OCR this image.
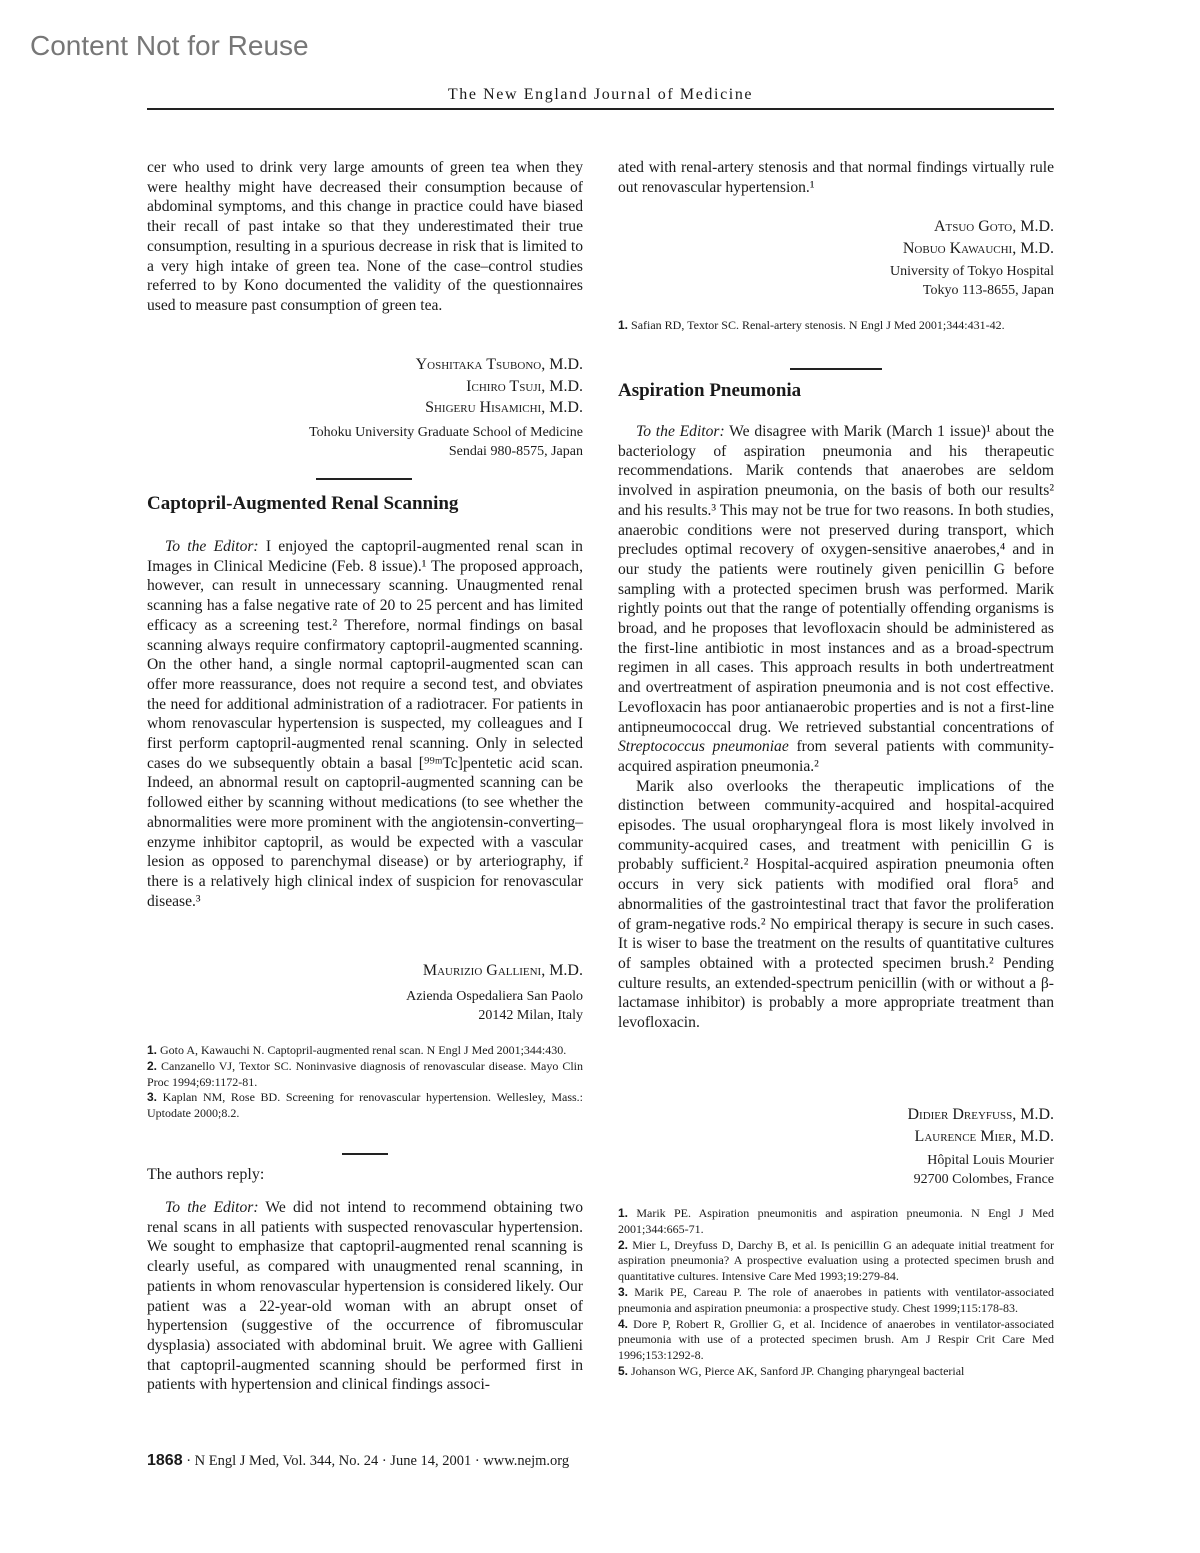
Content Not for Reuse
The New England Journal of Medicine

cer who used to drink very large amounts of green tea when they were healthy might have decreased their consumption because of abdominal symptoms, and this change in practice could have biased their recall of past intake so that they underestimated their true consumption, resulting in a spurious decrease in risk that is limited to a very high intake of green tea. None of the case–control studies referred to by Kono documented the validity of the questionnaires used to measure past consumption of green tea.

Yoshitaka Tsubono, M.D.
Ichiro Tsuji, M.D.
Shigeru Hisamichi, M.D.
Tohoku University Graduate School of Medicine
Sendai 980-8575, Japan
Captopril-Augmented Renal Scanning

To the Editor: I enjoyed the captopril-augmented renal scan in Images in Clinical Medicine (Feb. 8 issue).¹ The proposed approach, however, can result in unnecessary scanning. Unaugmented renal scanning has a false negative rate of 20 to 25 percent and has limited efficacy as a screening test.² Therefore, normal findings on basal scanning always require confirmatory captopril-augmented scanning. On the other hand, a single normal captopril-augmented scan can offer more reassurance, does not require a second test, and obviates the need for additional administration of a radiotracer. For patients in whom renovascular hypertension is suspected, my colleagues and I first perform captopril-augmented renal scanning. Only in selected cases do we subsequently obtain a basal [⁹⁹ᵐTc]pentetic acid scan. Indeed, an abnormal result on captopril-augmented scanning can be followed either by scanning without medications (to see whether the abnormalities were more prominent with the angiotensin-converting–enzyme inhibitor captopril, as would be expected with a vascular lesion as opposed to parenchymal disease) or by arteriography, if there is a relatively high clinical index of suspicion for renovascular disease.³

Maurizio Gallieni, M.D.
Azienda Ospedaliera San Paolo
20142 Milan, Italy

1. Goto A, Kawauchi N. Captopril-augmented renal scan. N Engl J Med 2001;344:430.

2. Canzanello VJ, Textor SC. Noninvasive diagnosis of renovascular disease. Mayo Clin Proc 1994;69:1172-81.

3. Kaplan NM, Rose BD. Screening for renovascular hypertension. Wellesley, Mass.: Uptodate 2000;8.2.

The authors reply:

To the Editor: We did not intend to recommend obtaining two renal scans in all patients with suspected renovascular hypertension. We sought to emphasize that captopril-augmented renal scanning is clearly useful, as compared with unaugmented renal scanning, in patients in whom renovascular hypertension is considered likely. Our patient was a 22-year-old woman with an abrupt onset of hypertension (suggestive of the occurrence of fibromuscular dysplasia) associated with abdominal bruit. We agree with Gallieni that captopril-augmented scanning should be performed first in patients with hypertension and clinical findings associ-

ated with renal-artery stenosis and that normal findings virtually rule out renovascular hypertension.¹

Atsuo Goto, M.D.
Nobuo Kawauchi, M.D.
University of Tokyo Hospital
Tokyo 113-8655, Japan

1. Safian RD, Textor SC. Renal-artery stenosis. N Engl J Med 2001;344:431-42.

Aspiration Pneumonia

To the Editor: We disagree with Marik (March 1 issue)¹ about the bacteriology of aspiration pneumonia and his therapeutic recommendations. Marik contends that anaerobes are seldom involved in aspiration pneumonia, on the basis of both our results² and his results.³ This may not be true for two reasons. In both studies, anaerobic conditions were not preserved during transport, which precludes optimal recovery of oxygen-sensitive anaerobes,⁴ and in our study the patients were routinely given penicillin G before sampling with a protected specimen brush was performed. Marik rightly points out that the range of potentially offending organisms is broad, and he proposes that levofloxacin should be administered as the first-line antibiotic in most instances and as a broad-spectrum regimen in all cases. This approach results in both undertreatment and overtreatment of aspiration pneumonia and is not cost effective. Levofloxacin has poor antianaerobic properties and is not a first-line antipneumococcal drug. We retrieved substantial concentrations of Streptococcus pneumoniae from several patients with community-acquired aspiration pneumonia.²

Marik also overlooks the therapeutic implications of the distinction between community-acquired and hospital-acquired episodes. The usual oropharyngeal flora is most likely involved in community-acquired cases, and treatment with penicillin G is probably sufficient.² Hospital-acquired aspiration pneumonia often occurs in very sick patients with modified oral flora⁵ and abnormalities of the gastrointestinal tract that favor the proliferation of gram-negative rods.² No empirical therapy is secure in such cases. It is wiser to base the treatment on the results of quantitative cultures of samples obtained with a protected specimen brush.² Pending culture results, an extended-spectrum penicillin (with or without a β-lactamase inhibitor) is probably a more appropriate treatment than levofloxacin.

Didier Dreyfuss, M.D.
Laurence Mier, M.D.
Hôpital Louis Mourier
92700 Colombes, France

1. Marik PE. Aspiration pneumonitis and aspiration pneumonia. N Engl J Med 2001;344:665-71.

2. Mier L, Dreyfuss D, Darchy B, et al. Is penicillin G an adequate initial treatment for aspiration pneumonia? A prospective evaluation using a protected specimen brush and quantitative cultures. Intensive Care Med 1993;19:279-84.

3. Marik PE, Careau P. The role of anaerobes in patients with ventilator-associated pneumonia and aspiration pneumonia: a prospective study. Chest 1999;115:178-83.

4. Dore P, Robert R, Grollier G, et al. Incidence of anaerobes in ventilator-associated pneumonia with use of a protected specimen brush. Am J Respir Crit Care Med 1996;153:1292-8.

5. Johanson WG, Pierce AK, Sanford JP. Changing pharyngeal bacterial

1868 · N Engl J Med, Vol. 344, No. 24 · June 14, 2001 · www.nejm.org
